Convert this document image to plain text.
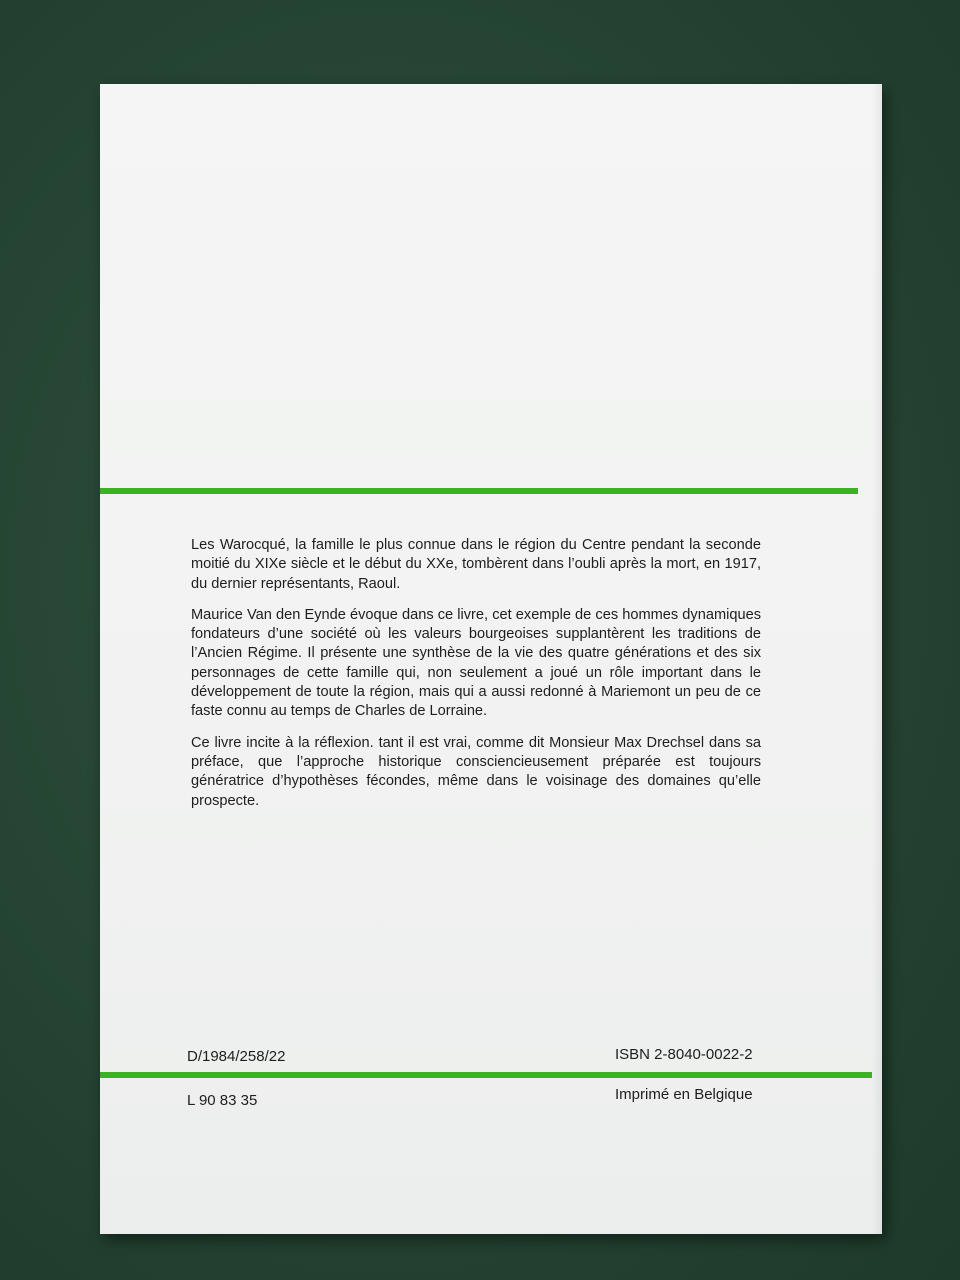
Les Warocqué, la famille le plus connue dans le région du Centre pendant la seconde moitié du XIXe siècle et le début du XXe, tombèrent dans l’oubli après la mort, en 1917, du dernier représentants, Raoul.

Maurice Van den Eynde évoque dans ce livre, cet exemple de ces hommes dynamiques fondateurs d’une société où les valeurs bourgeoises supplantèrent les traditions de l’Ancien Régime. Il présente une synthèse de la vie des quatre générations et des six personnages de cette famille qui, non seulement a joué un rôle important dans le développement de toute la région, mais qui a aussi redonné à Mariemont un peu de ce faste connu au temps de Charles de Lorraine.

Ce livre incite à la réflexion. tant il est vrai, comme dit Monsieur Max Drechsel dans sa préface, que l’approche historique consciencieusement préparée est toujours génératrice d’hypothèses fécondes, même dans le voisinage des domaines qu’elle prospecte.

D/1984/258/22	ISBN 2-8040-0022-2
L 90 83 35	Imprimé en Belgique
